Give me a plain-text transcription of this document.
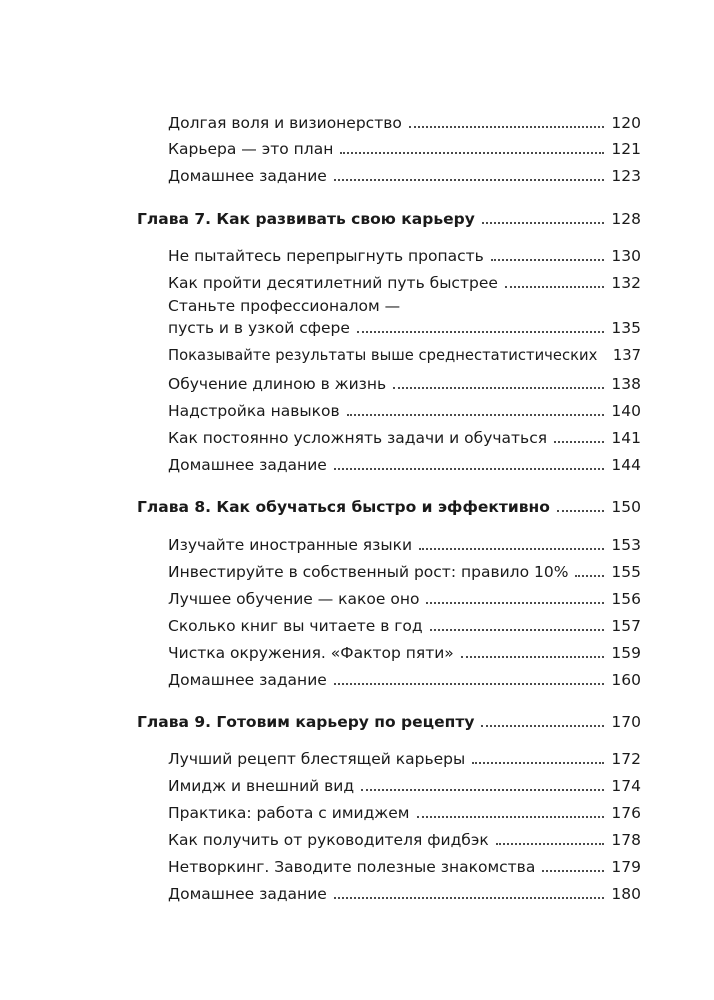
Долгая воля и визионерство	120
Карьера — это план	121
Домашнее задание	123
Глава 7. Как развивать свою карьеру	128
Не пытайтесь перепрыгнуть пропасть	130
Как пройти десятилетний путь быстрее	132
Станьте профессионалом —
пусть и в узкой сфере	135
Показывайте результаты выше среднестатистических 137
Обучение длиною в жизнь	138
Надстройка навыков	140
Как постоянно усложнять задачи и обучаться	141
Домашнее задание	144
Глава 8. Как обучаться быстро и эффективно	150
Изучайте иностранные языки	153
Инвестируйте в собственный рост: правило 10%	155
Лучшее обучение — какое оно	156
Сколько книг вы читаете в год	157
Чистка окружения. «Фактор пяти»	159
Домашнее задание	160
Глава 9. Готовим карьеру по рецепту	170
Лучший рецепт блестящей карьеры	172
Имидж и внешний вид	174
Практика: работа с имиджем	176
Как получить от руководителя фидбэк	178
Нетворкинг. Заводите полезные знакомства	179
Домашнее задание	180
